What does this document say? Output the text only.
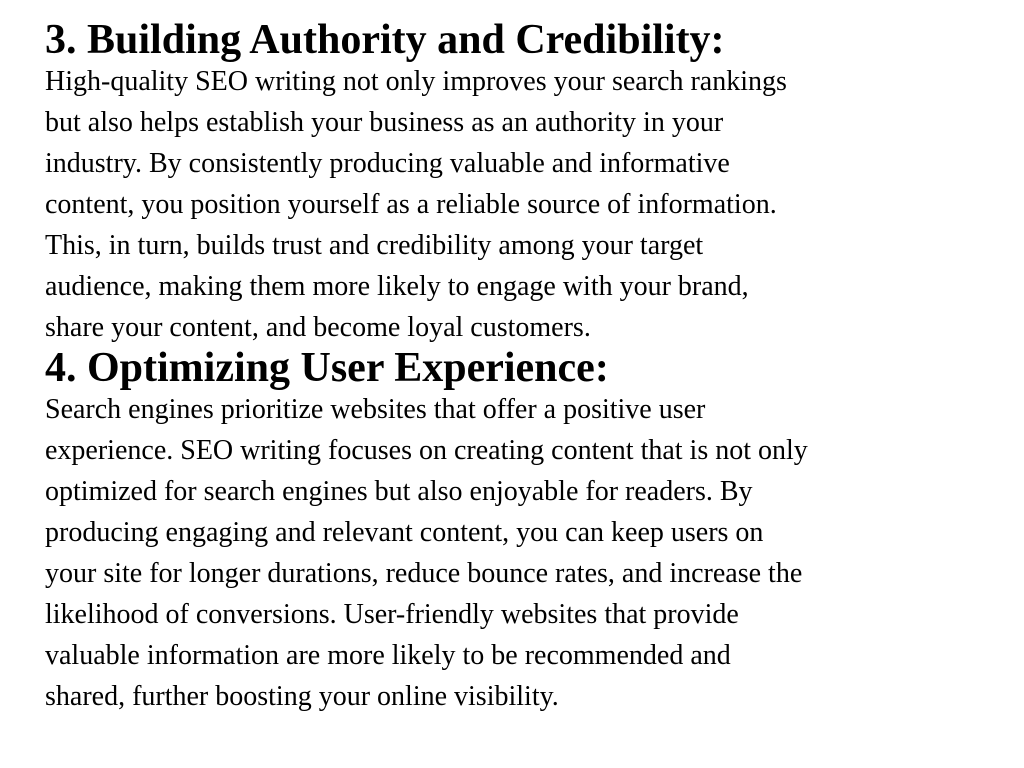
3. Building Authority and Credibility:
High-quality SEO writing not only improves your search rankings
but also helps establish your business as an authority in your
industry. By consistently producing valuable and informative
content, you position yourself as a reliable source of information.
This, in turn, builds trust and credibility among your target
audience, making them more likely to engage with your brand,
share your content, and become loyal customers.
4. Optimizing User Experience:
Search engines prioritize websites that offer a positive user
experience. SEO writing focuses on creating content that is not only
optimized for search engines but also enjoyable for readers. By
producing engaging and relevant content, you can keep users on
your site for longer durations, reduce bounce rates, and increase the
likelihood of conversions. User-friendly websites that provide
valuable information are more likely to be recommended and
shared, further boosting your online visibility.
